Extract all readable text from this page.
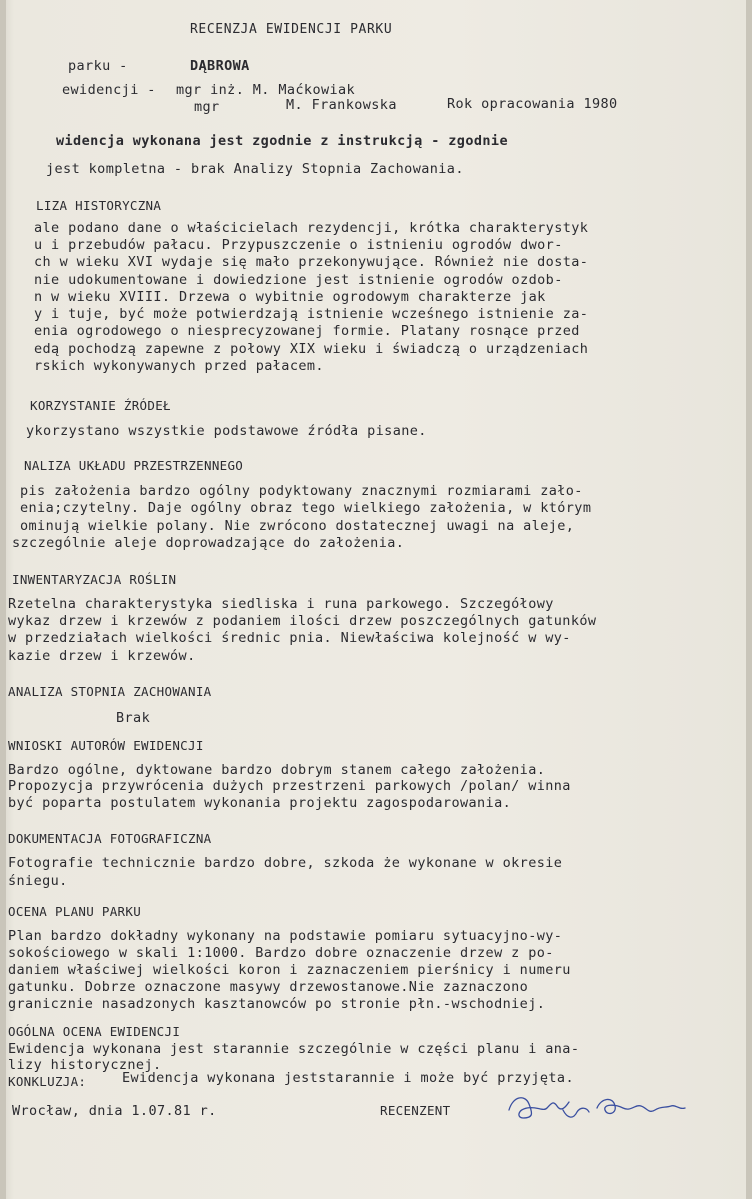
RECENZJA EWIDENCJI PARKU
parku -	DĄBROWA
ewidencji - mgr inż. M. Maćkowiak
mgr	M. Frankowska	Rok opracowania 1980
widencja wykonana jest zgodnie z instrukcją - zgodnie
jest kompletna - brak Analizy Stopnia Zachowania.
LIZA HISTORYCZNA
ale podano dane o właścicielach rezydencji, krótka charakterystyk
u i przebudów pałacu. Przypuszczenie o istnieniu ogrodów dwor-
ch w wieku XVI wydaje się mało przekonywujące. Również nie dosta-
nie udokumentowane i dowiedzione jest istnienie ogrodów ozdob-
n w wieku XVIII. Drzewa o wybitnie ogrodowym charakterze jak
y i tuje, być może potwierdzają istnienie wcześnego istnienie za-
enia ogrodowego o niesprecyzowanej formie. Platany rosnące przed
edą pochodzą zapewne z połowy XIX wieku i świadczą o urządzeniach
rskich wykonywanych przed pałacem.
KORZYSTANIE ŹRÓDEŁ
ykorzystano wszystkie podstawowe źródła pisane.
NALIZA UKŁADU PRZESTRZENNEGO
pis założenia bardzo ogólny podyktowany znacznymi rozmiarami zało-
enia;czytelny. Daje ogólny obraz tego wielkiego założenia, w którym
ominują wielkie polany. Nie zwrócono dostatecznej uwagi na aleje,
szczególnie aleje doprowadzające do założenia.
INWENTARYZACJA ROŚLIN
Rzetelna charakterystyka siedliska i runa parkowego. Szczegółowy
wykaz drzew i krzewów z podaniem ilości drzew poszczególnych gatunków
w przedziałach wielkości średnic pnia. Niewłaściwa kolejność w wy-
kazie drzew i krzewów.
ANALIZA STOPNIA ZACHOWANIA
Brak
WNIOSKI AUTORÓW EWIDENCJI
Bardzo ogólne, dyktowane bardzo dobrym stanem całego założenia.
Propozycja przywrócenia dużych przestrzeni parkowych /polan/ winna
być poparta postulatem wykonania projektu zagospodarowania.
DOKUMENTACJA FOTOGRAFICZNA
Fotografie technicznie bardzo dobre, szkoda że wykonane w okresie
śniegu.
OCENA PLANU PARKU
Plan bardzo dokładny wykonany na podstawie pomiaru sytuacyjno-wy-
sokościowego w skali 1:1000. Bardzo dobre oznaczenie drzew z po-
daniem właściwej wielkości koron i zaznaczeniem pierśnicy i numeru
gatunku. Dobrze oznaczone masywy drzewostanowe.Nie zaznaczono
granicznie nasadzonych kasztanowców po stronie płn.-wschodniej.
OGÓLNA OCENA EWIDENCJI
Ewidencja wykonana jest starannie szczególnie w części planu i ana-
lizy historycznej.
KONKLUZJA:	Ewidencja wykonana jeststarannie i może być przyjęta.
Wrocław, dnia 1.07.81 r.	RECENZENT
